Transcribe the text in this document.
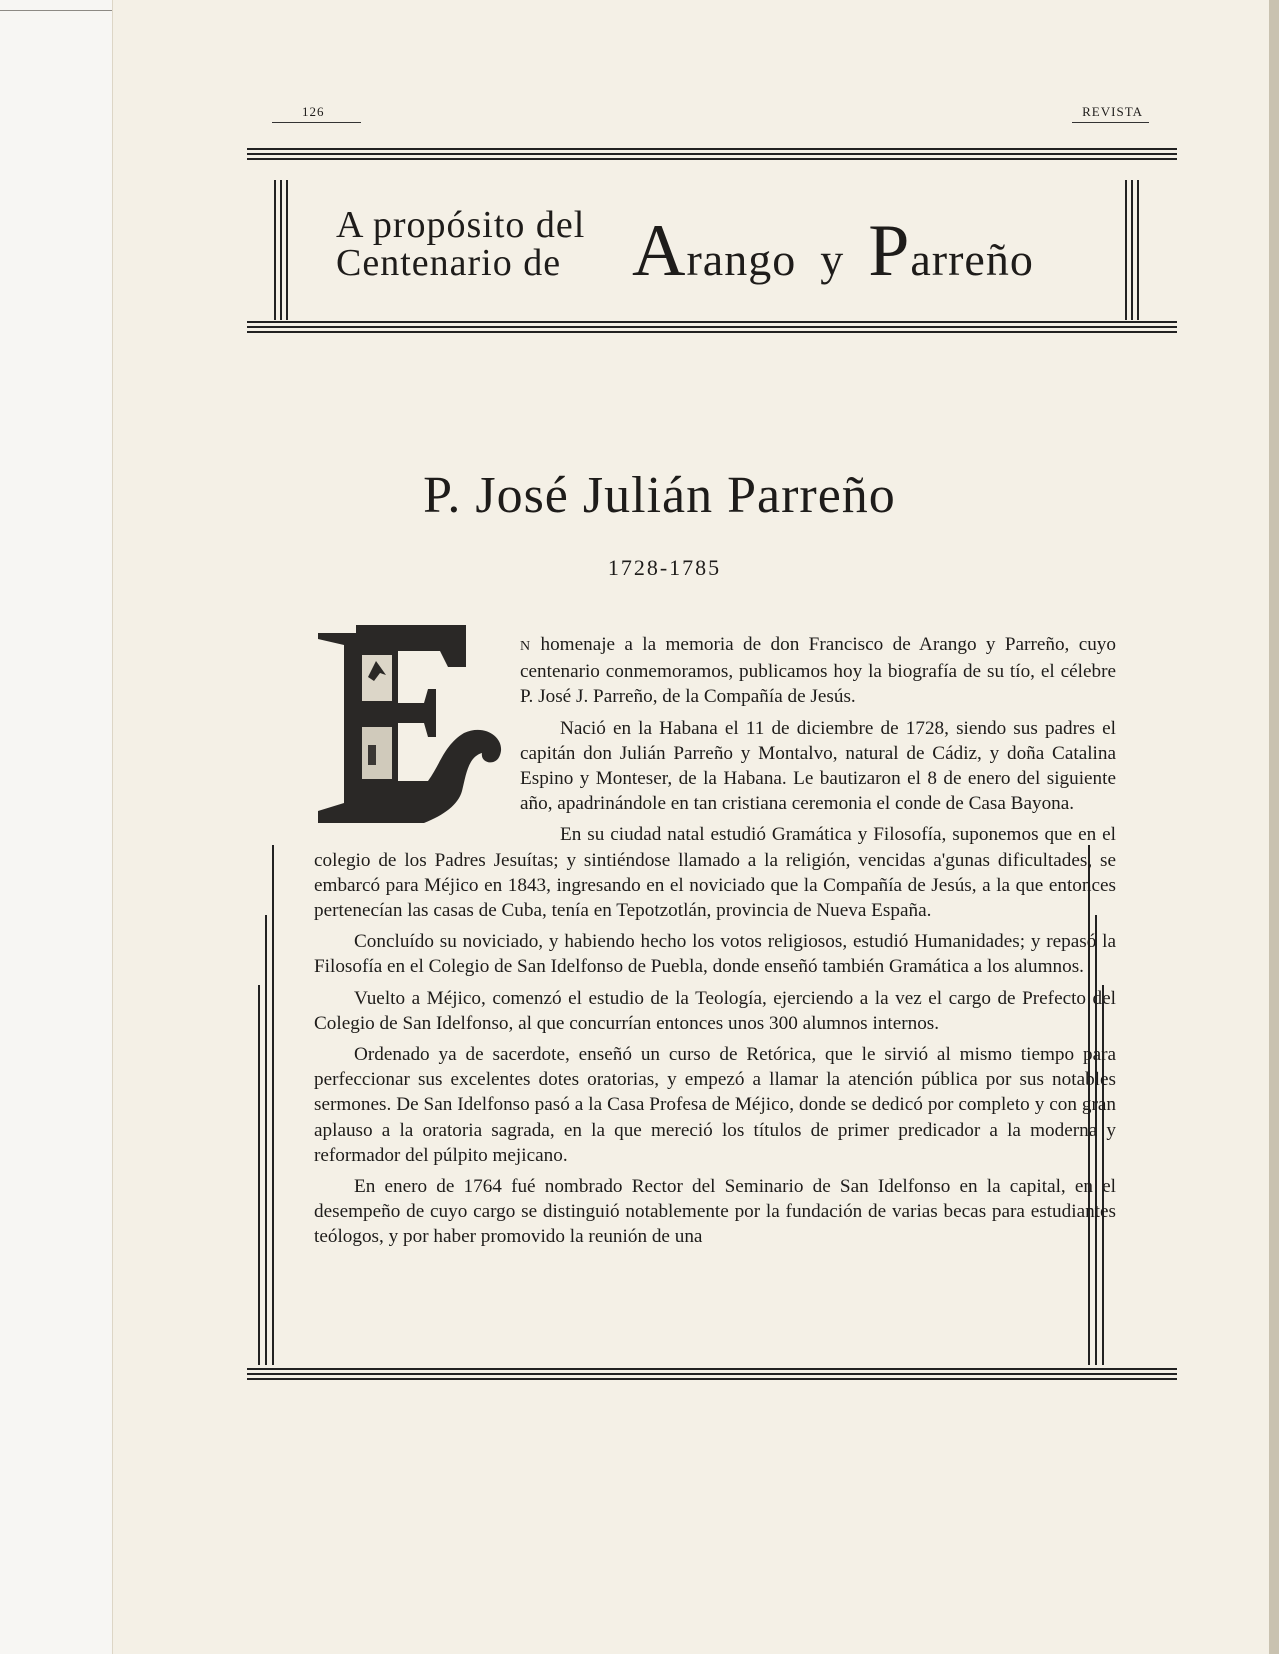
126	REVISTA
A propósito del
Centenario de Arango y Parreño
P. José Julián Parreño
1728-1785

N homenaje a la memoria de don Francisco de Arango y Parreño, cuyo centenario conmemoramos, publicamos hoy la biografía de su tío, el célebre P. José J. Parreño, de la Compañía de Jesús.

Nació en la Habana el 11 de diciembre de 1728, siendo sus padres el capitán don Julián Parreño y Montalvo, natural de Cádiz, y doña Catalina Espino y Monteser, de la Habana. Le bautizaron el 8 de enero del siguiente año, apadrinándole en tan cristiana ceremonia el conde de Casa Bayona.

En su ciudad natal estudió Gramática y Filosofía, suponemos que en el colegio de los Padres Jesuítas; y sintiéndose llamado a la religión, vencidas a'gunas dificultades, se embarcó para Méjico en 1843, ingresando en el noviciado que la Compañía de Jesús, a la que entonces pertenecían las casas de Cuba, tenía en Tepotzotlán, provincia de Nueva España.

Concluído su noviciado, y habiendo hecho los votos religiosos, estudió Humanidades; y repasó la Filosofía en el Colegio de San Idelfonso de Puebla, donde enseñó también Gramática a los alumnos.

Vuelto a Méjico, comenzó el estudio de la Teología, ejerciendo a la vez el cargo de Prefecto del Colegio de San Idelfonso, al que concurrían entonces unos 300 alumnos internos.

Ordenado ya de sacerdote, enseñó un curso de Retórica, que le sirvió al mismo tiempo para perfeccionar sus excelentes dotes oratorias, y empezó a llamar la atención pública por sus notables sermones. De San Idelfonso pasó a la Casa Profesa de Méjico, donde se dedicó por completo y con gran aplauso a la oratoria sagrada, en la que mereció los títulos de primer predicador a la moderna y reformador del púlpito mejicano.

En enero de 1764 fué nombrado Rector del Seminario de San Idelfonso en la capital, en el desempeño de cuyo cargo se distinguió notablemente por la fundación de varias becas para estudiantes teólogos, y por haber promovido la reunión de una
